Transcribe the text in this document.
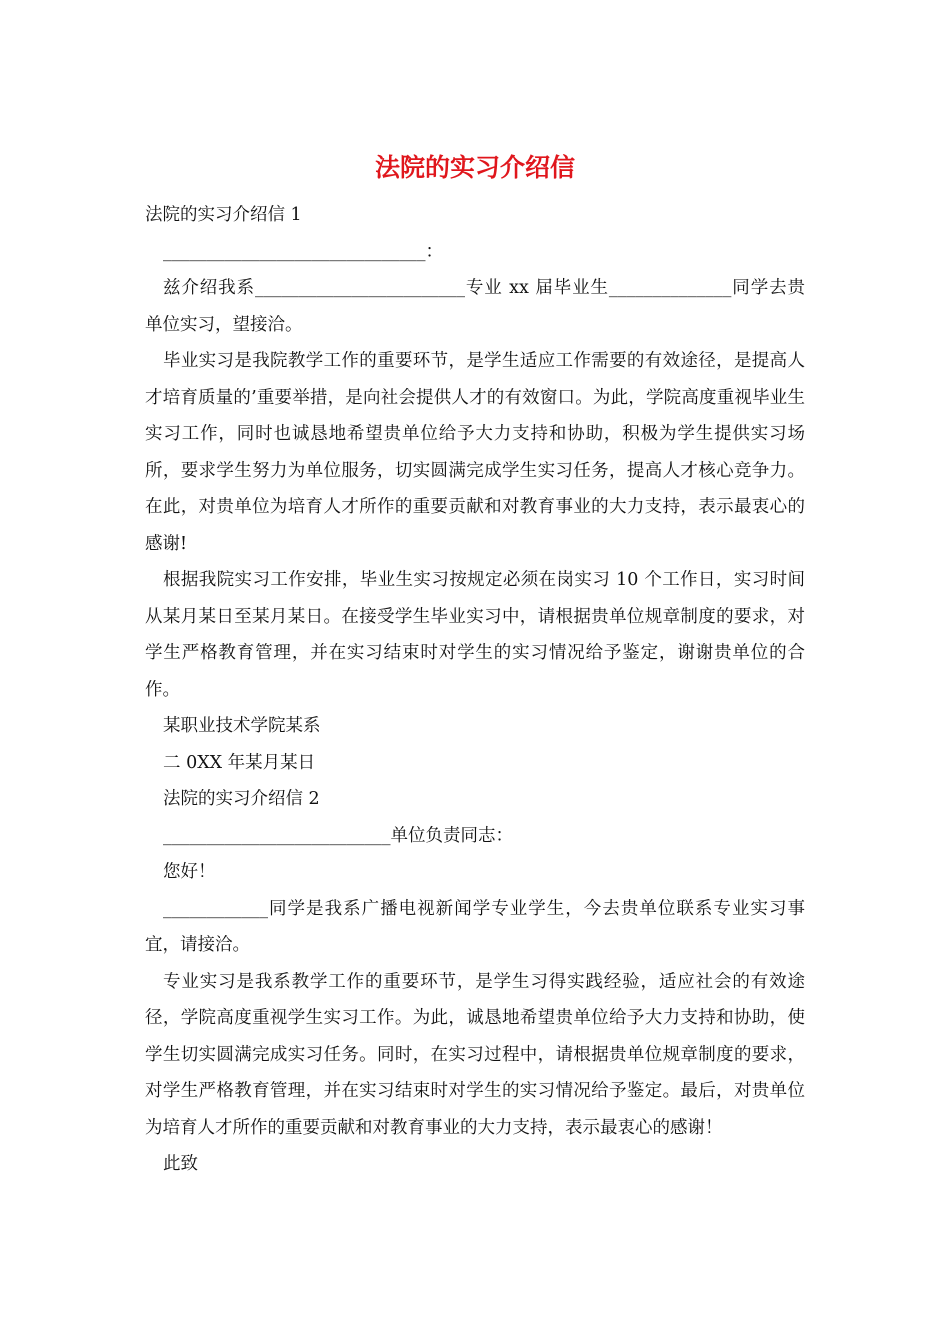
法院的实习介绍信

法院的实习介绍信 1

______________________________：

兹介绍我系________________________专业 xx 届毕业生______________同学去贵单位实习，望接洽。

毕业实习是我院教学工作的重要环节，是学生适应工作需要的有效途径，是提高人才培育质量的’重要举措，是向社会提供人才的有效窗口。为此，学院高度重视毕业生实习工作，同时也诚恳地希望贵单位给予大力支持和协助，积极为学生提供实习场所，要求学生努力为单位服务，切实圆满完成学生实习任务，提高人才核心竞争力。在此，对贵单位为培育人才所作的重要贡献和对教育事业的大力支持，表示最衷心的感谢!

根据我院实习工作安排，毕业生实习按规定必须在岗实习 10 个工作日，实习时间从某月某日至某月某日。在接受学生毕业实习中，请根据贵单位规章制度的要求，对学生严格教育管理，并在实习结束时对学生的实习情况给予鉴定，谢谢贵单位的合作。

某职业技术学院某系

二 0XX 年某月某日

法院的实习介绍信 2

__________________________单位负责同志：

您好！

____________同学是我系广播电视新闻学专业学生，今去贵单位联系专业实习事宜，请接洽。

专业实习是我系教学工作的重要环节，是学生习得实践经验，适应社会的有效途径，学院高度重视学生实习工作。为此，诚恳地希望贵单位给予大力支持和协助，使学生切实圆满完成实习任务。同时，在实习过程中，请根据贵单位规章制度的要求，对学生严格教育管理，并在实习结束时对学生的实习情况给予鉴定。最后，对贵单位为培育人才所作的重要贡献和对教育事业的大力支持，表示最衷心的感谢！

此致
